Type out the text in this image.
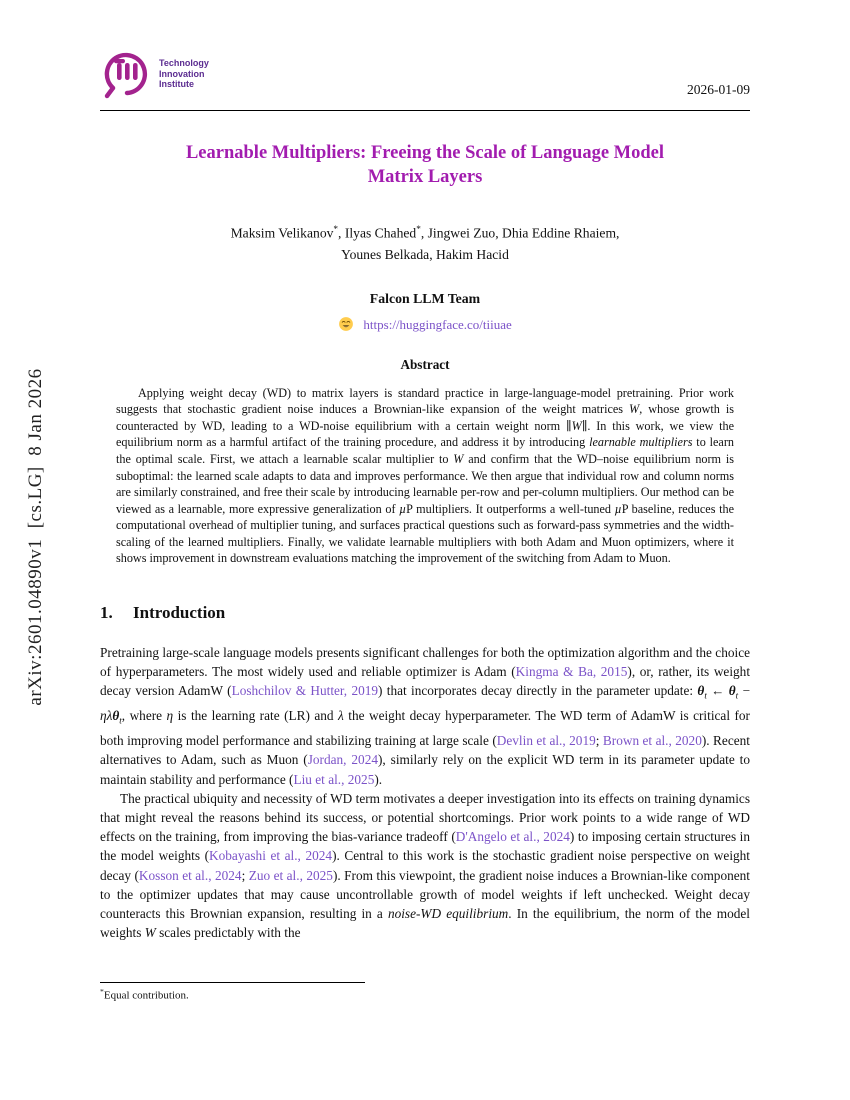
arXiv:2601.04890v1  [cs.LG]  8 Jan 2026
Technology
Innovation
Institute	2026-01-09
Learnable Multipliers: Freeing the Scale of Language Model
Matrix Layers
Maksim Velikanov*, Ilyas Chahed*, Jingwei Zuo, Dhia Eddine Rhaiem,
Younes Belkada, Hakim Hacid
Falcon LLM Team
https://huggingface.co/tiiuae
Abstract

Applying weight decay (WD) to matrix layers is standard practice in large-language-model pretraining. Prior work suggests that stochastic gradient noise induces a Brownian-like expansion of the weight matrices W, whose growth is counteracted by WD, leading to a WD-noise equilibrium with a certain weight norm ∥W∥. In this work, we view the equilibrium norm as a harmful artifact of the training procedure, and address it by introducing learnable multipliers to learn the optimal scale. First, we attach a learnable scalar multiplier to W and confirm that the WD–noise equilibrium norm is suboptimal: the learned scale adapts to data and improves performance. We then argue that individual row and column norms are similarly constrained, and free their scale by introducing learnable per-row and per-column multipliers. Our method can be viewed as a learnable, more expressive generalization of µP multipliers. It outperforms a well-tuned µP baseline, reduces the computational overhead of multiplier tuning, and surfaces practical questions such as forward-pass symmetries and the width-scaling of the learned multipliers. Finally, we validate learnable multipliers with both Adam and Muon optimizers, where it shows improvement in downstream evaluations matching the improvement of the switching from Adam to Muon.

1. Introduction

Pretraining large-scale language models presents significant challenges for both the optimization algorithm and the choice of hyperparameters. The most widely used and reliable optimizer is Adam (Kingma & Ba, 2015), or, rather, its weight decay version AdamW (Loshchilov & Hutter, 2019) that incorporates decay directly in the parameter update: $\theta_t$ ← $\theta_t - \eta\lambda\theta_t$, where η is the learning rate (LR) and λ the weight decay hyperparameter. The WD term of AdamW is critical for both improving model performance and stabilizing training at large scale (Devlin et al., 2019; Brown et al., 2020). Recent alternatives to Adam, such as Muon (Jordan, 2024), similarly rely on the explicit WD term in its parameter update to maintain stability and performance (Liu et al., 2025).

The practical ubiquity and necessity of WD term motivates a deeper investigation into its effects on training dynamics that might reveal the reasons behind its success, or potential shortcomings. Prior work points to a wide range of WD effects on the training, from improving the bias-variance tradeoff (D'Angelo et al., 2024) to imposing certain structures in the model weights (Kobayashi et al., 2024). Central to this work is the stochastic gradient noise perspective on weight decay (Kosson et al., 2024; Zuo et al., 2025). From this viewpoint, the gradient noise induces a Brownian-like component to the optimizer updates that may cause uncontrollable growth of model weights if left unchecked. Weight decay counteracts this Brownian expansion, resulting in a noise-WD equilibrium. In the equilibrium, the norm of the model weights W scales predictably with the

*Equal contribution.
